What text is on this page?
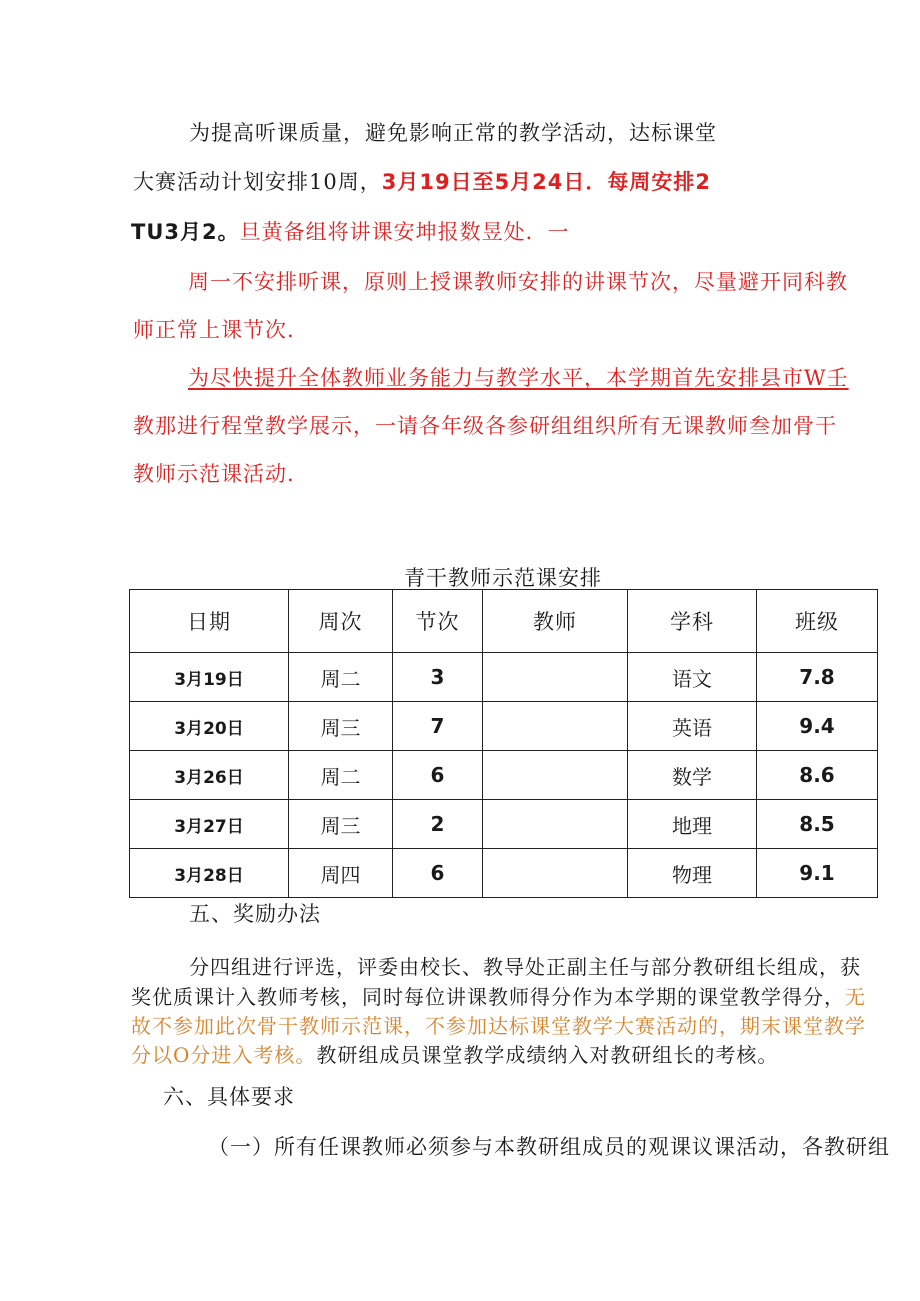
为提高听课质量，避免影响正常的教学活动，达标课堂
大赛活动计划安排10周，3月19日至5月24日．每周安排2
TU3月2。旦黄备组将讲课安坤报数昱处．一
周一不安排听课，原则上授课教师安排的讲课节次，尽量避开同科教
师正常上课节次.
为尽快提升全体教师业务能力与教学水平，本学期首先安排县市W壬
教那进行程堂教学展示，一请各年级各参研组组织所有无课教师叁加骨干
教师示范课活动.
青干教师示范课安排
日期	周次	节次	教师	学科	班级
3月19日	周二	3		语文	7.8
3月20日	周三	7		英语	9.4
3月26日	周二	6		数学	8.6
3月27日	周三	2		地理	8.5
3月28日	周四	6		物理	9.1
五、奖励办法
分四组进行评选，评委由校长、教导处正副主任与部分教研组长组成，获
奖优质课计入教师考核，同时每位讲课教师得分作为本学期的课堂教学得分，无
故不参加此次骨干教师示范课，不参加达标课堂教学大赛活动的，期末课堂教学
分以O分进入考核。教研组成员课堂教学成绩纳入对教研组长的考核。
六、具体要求
（一）所有任课教师必须参与本教研组成员的观课议课活动，各教研组
